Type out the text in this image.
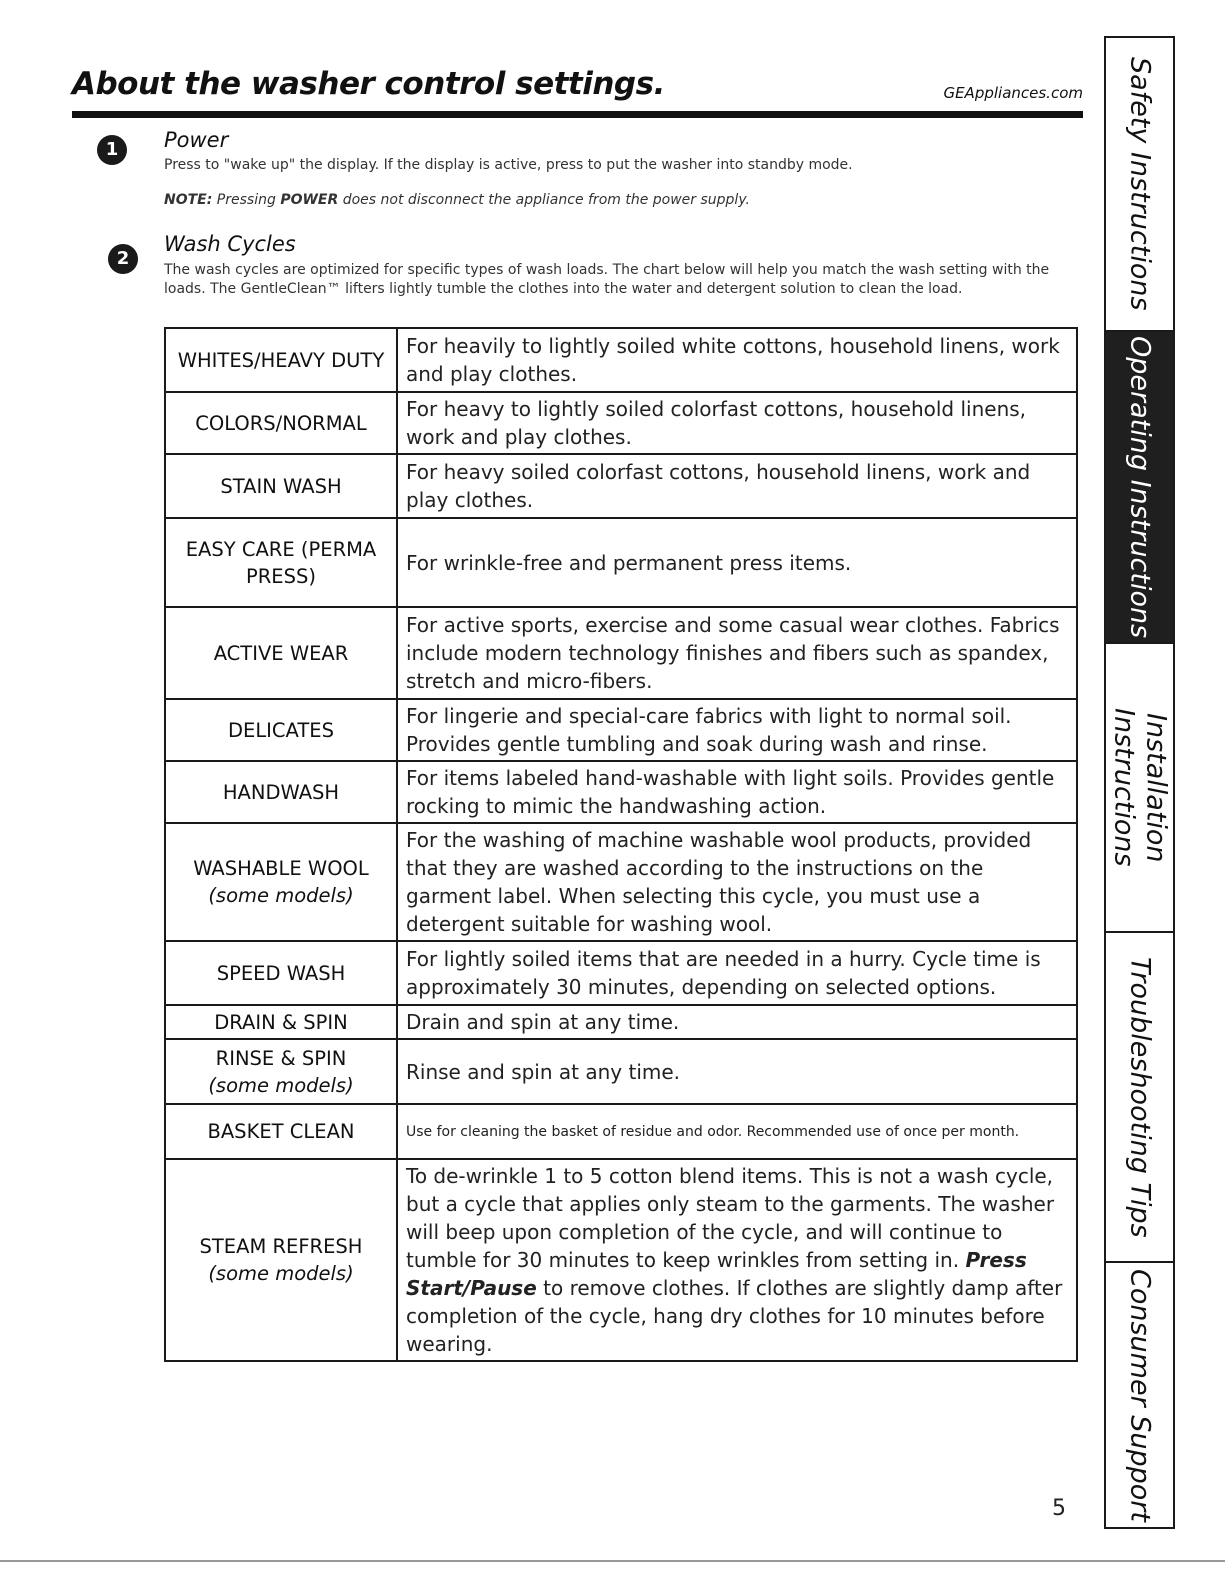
About the washer control settings.	GEAppliances.com
1	Power
Press to "wake up" the display. If the display is active, press to put the washer into standby mode.
NOTE: Pressing POWER does not disconnect the appliance from the power supply.
2
Wash Cycles
The wash cycles are optimized for specific types of wash loads. The chart below will help you match the wash setting with the loads. The GentleClean™ lifters lightly tumble the clothes into the water and detergent solution to clean the load.
WHITES/HEAVY DUTY	For heavily to lightly soiled white cottons, household linens, work and play clothes.
COLORS/NORMAL	For heavy to lightly soiled colorfast cottons, household linens, work and play clothes.
STAIN WASH	For heavy soiled colorfast cottons, household linens, work and play clothes.
EASY CARE (PERMA PRESS)	For wrinkle-free and permanent press items.
ACTIVE WEAR	For active sports, exercise and some casual wear clothes. Fabrics include modern technology finishes and fibers such as spandex, stretch and micro-fibers.
DELICATES	For lingerie and special-care fabrics with light to normal soil. Provides gentle tumbling and soak during wash and rinse.
HANDWASH	For items labeled hand-washable with light soils. Provides gentle rocking to mimic the handwashing action.
WASHABLE WOOL
(some models)	For the washing of machine washable wool products, provided that they are washed according to the instructions on the garment label. When selecting this cycle, you must use a detergent suitable for washing wool.
SPEED WASH	For lightly soiled items that are needed in a hurry. Cycle time is approximately 30 minutes, depending on selected options.
DRAIN & SPIN	Drain and spin at any time.
RINSE & SPIN
(some models)	Rinse and spin at any time.
BASKET CLEAN	Use for cleaning the basket of residue and odor. Recommended use of once per month.
STEAM REFRESH
(some models)	To de-wrinkle 1 to 5 cotton blend items. This is not a wash cycle, but a cycle that applies only steam to the garments. The washer will beep upon completion of the cycle, and will continue to tumble for 30 minutes to keep wrinkles from setting in. Press Start/Pause to remove clothes. If clothes are slightly damp after completion of the cycle, hang dry clothes for 10 minutes before wearing.
Safety Instructions
Operating Instructions
Installation
Instructions
Troubleshooting Tips
Consumer Support
5
